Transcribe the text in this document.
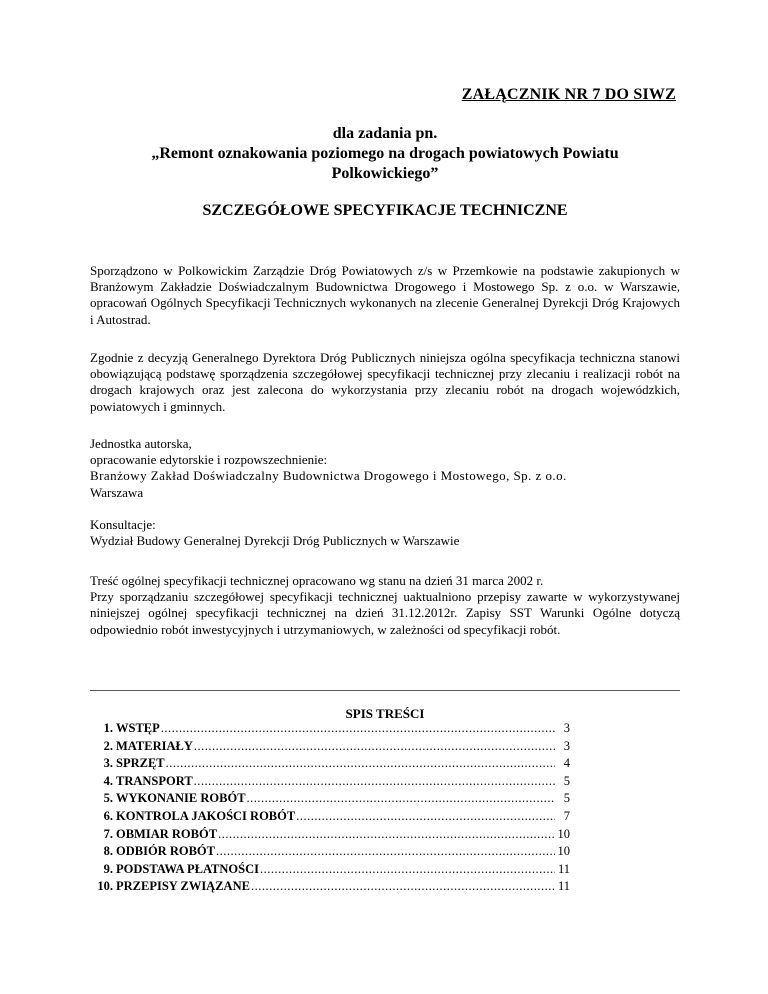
ZAŁĄCZNIK NR 7 DO SIWZ
dla zadania pn.
„Remont oznakowania poziomego na drogach powiatowych Powiatu
Polkowickiego”
SZCZEGÓŁOWE SPECYFIKACJE TECHNICZNE
Sporządzono w Polkowickim Zarządzie Dróg Powiatowych z/s w Przemkowie na podstawie zakupionych w Branżowym Zakładzie Doświadczalnym Budownictwa Drogowego i Mostowego Sp. z o.o. w Warszawie, opracowań Ogólnych Specyfikacji Technicznych wykonanych na zlecenie Generalnej Dyrekcji Dróg Krajowych i Autostrad.
Zgodnie z decyzją Generalnego Dyrektora Dróg Publicznych niniejsza ogólna specyfikacja techniczna stanowi obowiązującą podstawę sporządzenia szczegółowej specyfikacji technicznej przy zlecaniu i realizacji robót na drogach krajowych oraz jest zalecona do wykorzystania przy zlecaniu robót na drogach wojewódzkich, powiatowych i gminnych.
Jednostka autorska,
opracowanie edytorskie i rozpowszechnienie:
Branżowy Zakład Doświadczalny Budownictwa Drogowego i Mostowego, Sp. z o.o.
Warszawa
Konsultacje:
Wydział Budowy Generalnej Dyrekcji Dróg Publicznych w Warszawie
Treść ogólnej specyfikacji technicznej opracowano wg stanu na dzień 31 marca 2002 r.
Przy sporządzaniu szczegółowej specyfikacji technicznej uaktualniono przepisy zawarte w wykorzystywanej niniejszej ogólnej specyfikacji technicznej na dzień 31.12.2012r. Zapisy SST Warunki Ogólne dotyczą odpowiednio robót inwestycyjnych i utrzymaniowych, w zależności od specyfikacji robót.
SPIS TREŚCI
1. WSTĘP .....	3
2. MATERIAŁY .....	3
3. SPRZĘT .....	4
4. TRANSPORT .....	5
5. WYKONANIE ROBÓT .....	5
6. KONTROLA JAKOŚCI ROBÓT .....	7
7. OBMIAR ROBÓT .....	10
8. ODBIÓR ROBÓT .....	10
9. PODSTAWA PŁATNOŚCI .....	11
10. PRZEPISY ZWIĄZANE .....	11
